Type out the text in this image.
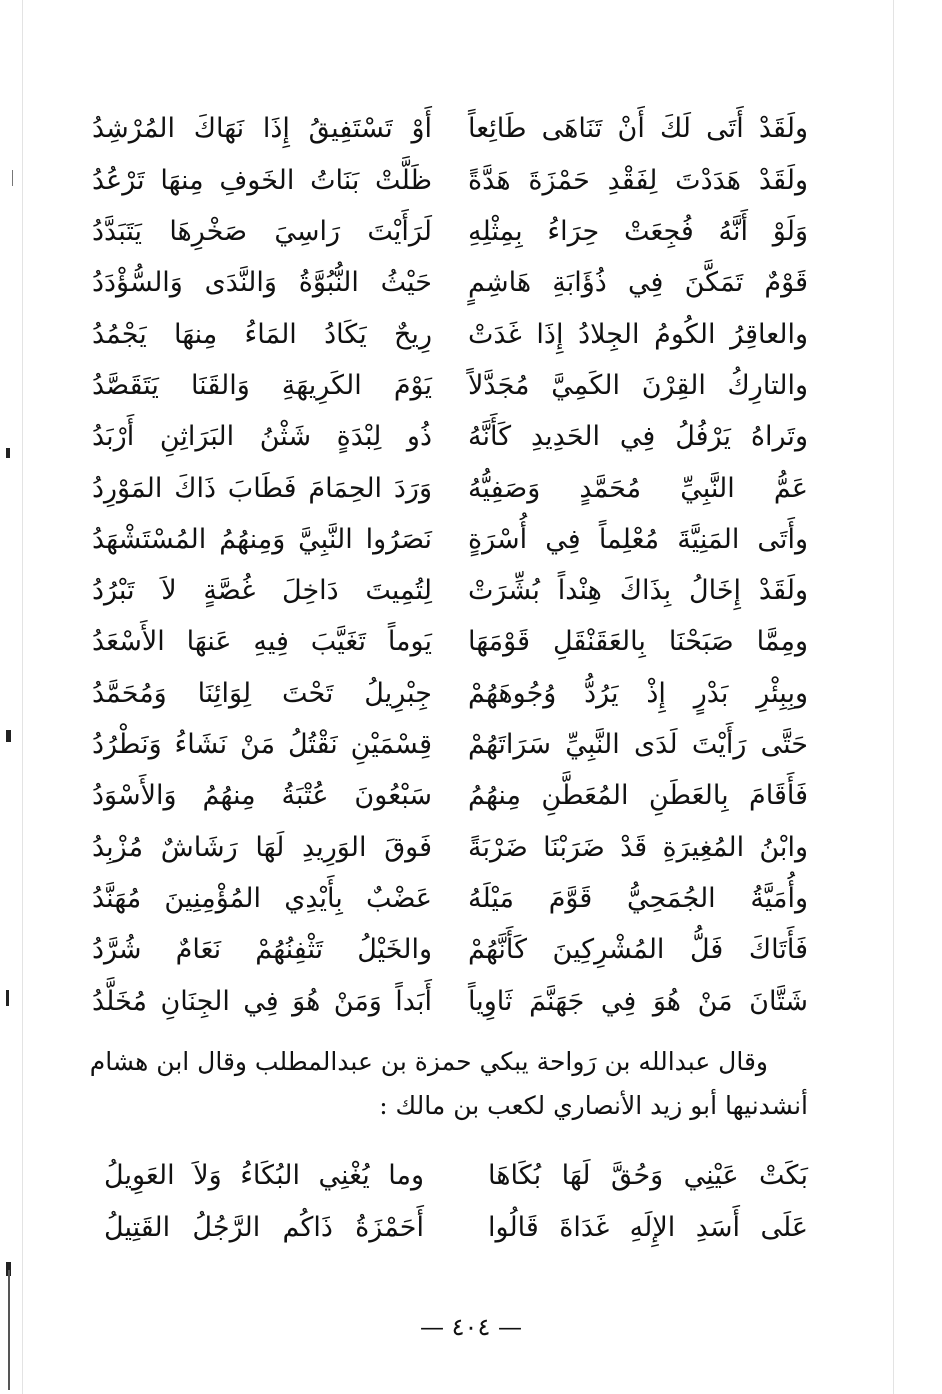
ولَقَدْ أَتَى لَكَ أَنْ تَنَاهَى طَائِعاً
أَوْ تَسْتَفِيقُ إِذَا نَهَاكَ المُرْشِدُ
ولَقَدْ هَدَدْتَ لِفَقْدِ حَمْزَةَ هَدَّةً
ظَلَّتْ بَنَاتُ الخَوفِ مِنهَا تَرْعُدُ
وَلَوْ أَنَّهُ فُجِعَتْ حِرَاءُ بِمِثْلِهِ
لَرَأَيْتَ رَاسِيَ صَخْرِهَا يَتَبَدَّدُ
قَوْمٌ تَمَكَّنَ فِي ذُؤَابَةِ هَاشِمٍ
حَيْثُ النُّبُوَّةُ وَالنَّدَى وَالسُّؤْدَدُ
والعاقِرُ الكُومُ الجِلادُ إِذَا غَدَتْ
رِيحٌ يَكَادُ المَاءُ مِنهَا يَجْمُدُ
والتارِكُ القِرْنَ الكَمِيَّ مُجَدَّلاً
يَوْمَ الكَرِيهَةِ وَالقَنَا يَتَقَصَّدُ
وتَراهُ يَرْفُلُ فِي الحَدِيدِ كَأَنَّهُ
ذُو لِبْدَةٍ شَثْنُ البَرَاثِنِ أَرْبَدُ
عَمُّ النَّبِيِّ مُحَمَّدٍ وَصَفِيُّهُ
وَرَدَ الحِمَامَ فَطَابَ ذَاكَ المَوْرِدُ
وأَتَى المَنِيَّةَ مُعْلِماً فِي أُسْرَةٍ
نَصَرُوا النَّبِيَّ وَمِنهُمُ المُسْتَشْهَدُ
ولَقَدْ إِخَالُ بِذَاكَ هِنْداً بُشِّرَتْ
لِتُمِيتَ دَاخِلَ غُصَّةٍ لاَ تَبْرُدُ
ومِمَّا صَبَحْنَا بِالعَقَنْقَلِ قَوْمَهَا
يَوماً تَغَيَّبَ فِيهِ عَنهَا الأَسْعَدُ
وبِبِئْرِ بَدْرٍ إِذْ يَرُدُّ وُجُوهَهُمْ
جِبْرِيلُ تَحْتَ لِوَائِنَا وَمُحَمَّدُ
حَتَّى رَأَيْتَ لَدَى النَّبِيِّ سَرَاتَهُمْ
قِسْمَيْنِ نَقْتُلُ مَنْ نَشَاءُ وَنَطْرُدُ
فَأَقَامَ بِالعَطَنِ المُعَطَّنِ مِنهُمُ
سَبْعُونَ عُتْبَةُ مِنهُمُ وَالأَسْوَدُ
وابْنُ المُغِيرَةِ قَدْ ضَرَبْنَا ضَرْبَةً
فَوقَ الوَرِيدِ لَهَا رَشَاشٌ مُزْبِدُ
وأُمَيَّةُ الجُمَحِيُّ قَوَّمَ مَيْلَهُ
عَضْبٌ بِأَيْدِي المُؤْمِنِينَ مُهَنَّدُ
فَأَتَاكَ فَلُّ المُشْرِكِينَ كَأَنَّهُمْ
والخَيْلُ تَثْفِنُهُمْ نَعَامٌ شُرَّدُ
شَتَّانَ مَنْ هُوَ فِي جَهَنَّمَ ثَاوِياً
أَبَداً وَمَنْ هُوَ فِي الجِنَانِ مُخَلَّدُ
وقال عبدالله بن رَواحة يبكي حمزة بن عبدالمطلب وقال ابن هشام
أنشدنيها أبو زيد الأنصاري لكعب بن مالك :
بَكَتْ عَيْنِي وَحُقَّ لَهَا بُكَاهَا
وما يُغْنِي البُكَاءُ وَلاَ العَوِيلُ
عَلَى أَسَدِ الإِلَهِ غَدَاةَ قَالُوا
أَحَمْزَةُ ذَاكُم الرَّجُلُ القَتِيلُ
— ٤٠٤ —
